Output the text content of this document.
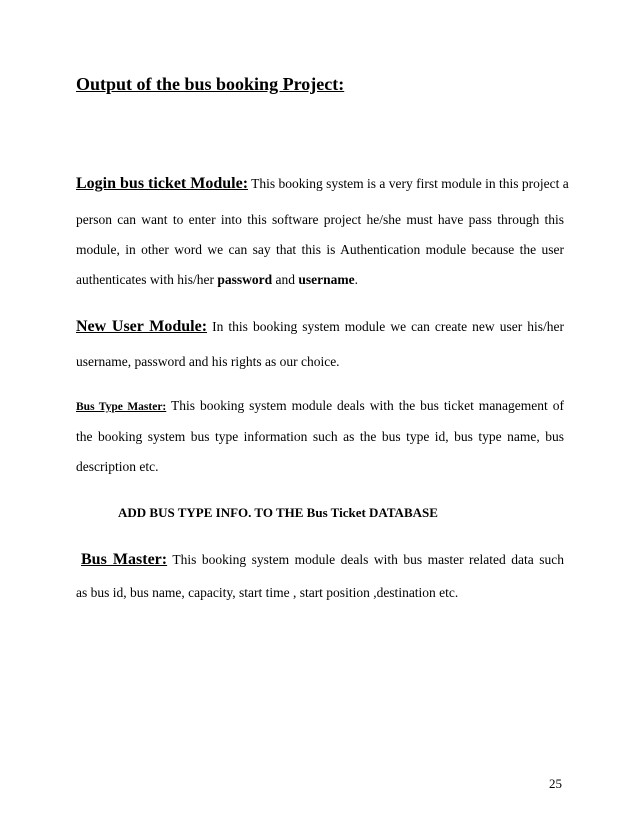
Output of the bus booking Project:
Login bus ticket Module: This booking system is a very first module in this project a
person can want to enter into this software project he/she must have pass through this
module, in other word we can say that this is Authentication module because the user
authenticates with his/her password and username.
New User Module: In this booking system module we can create new user his/her
username, password and his rights as our choice.
Bus Type Master: This booking system module deals with the bus ticket management of
the booking system bus type information such as the bus type id, bus type name, bus
description etc.
ADD BUS TYPE INFO. TO THE Bus Ticket DATABASE
Bus Master: This booking system module deals with bus master related data such
as bus id, bus name, capacity, start time , start position ,destination etc.
25
